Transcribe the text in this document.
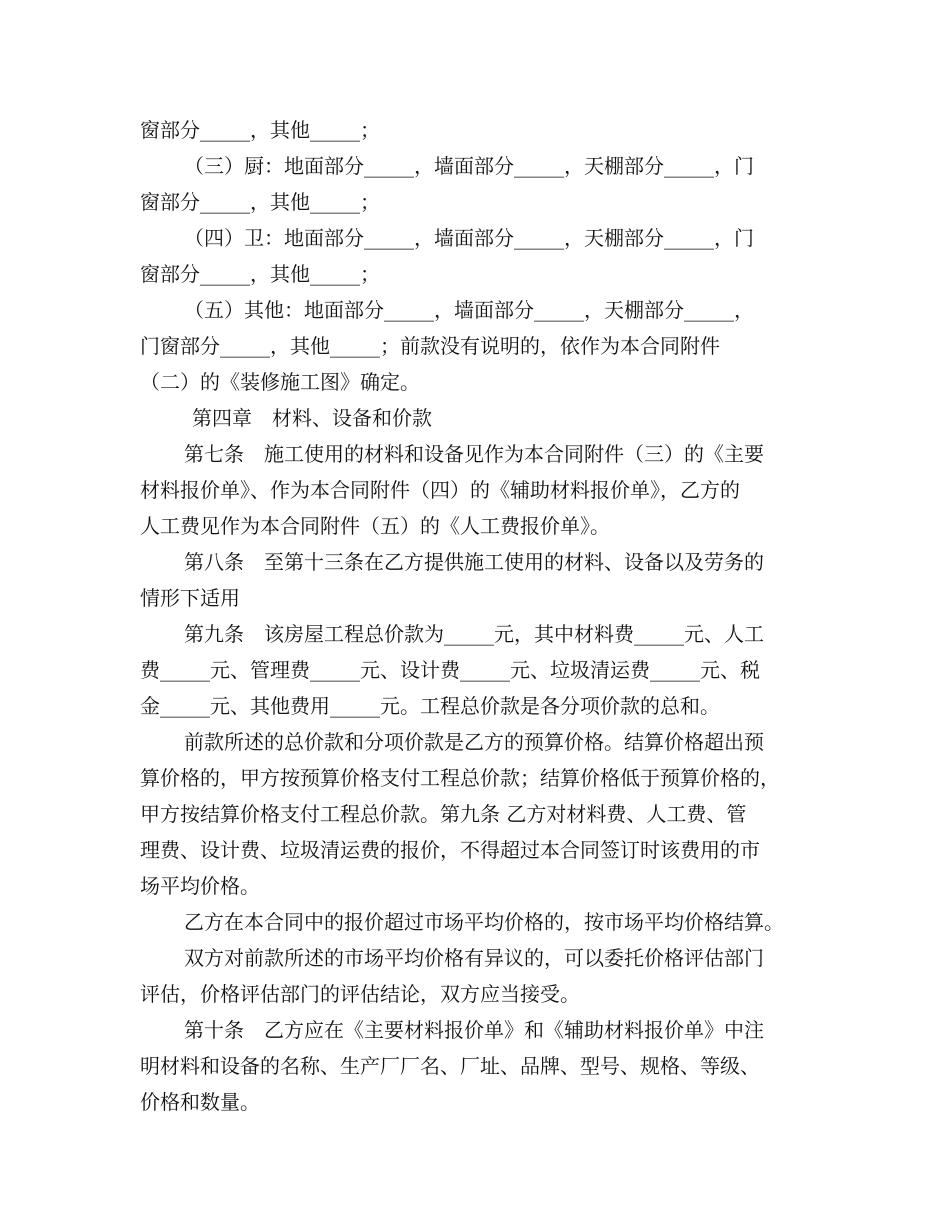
窗部分_____，其他_____；
（三）厨：地面部分_____，墙面部分_____，天棚部分_____，门
窗部分_____，其他_____；
（四）卫：地面部分_____，墙面部分_____，天棚部分_____，门
窗部分_____，其他_____；
（五）其他：地面部分_____，墙面部分_____，天棚部分_____，
门窗部分_____，其他_____；前款没有说明的，依作为本合同附件
（二）的《装修施工图》确定。
第四章　材料、设备和价款
第七条　施工使用的材料和设备见作为本合同附件（三）的《主要
材料报价单》、作为本合同附件（四）的《辅助材料报价单》，乙方的
人工费见作为本合同附件（五）的《人工费报价单》。
第八条　至第十三条在乙方提供施工使用的材料、设备以及劳务的
情形下适用
第九条　该房屋工程总价款为_____元，其中材料费_____元、人工
费_____元、管理费_____元、设计费_____元、垃圾清运费_____元、税
金_____元、其他费用_____元。工程总价款是各分项价款的总和。
前款所述的总价款和分项价款是乙方的预算价格。结算价格超出预
算价格的，甲方按预算价格支付工程总价款；结算价格低于预算价格的，
甲方按结算价格支付工程总价款。第九条 乙方对材料费、人工费、管
理费、设计费、垃圾清运费的报价，不得超过本合同签订时该费用的市
场平均价格。
乙方在本合同中的报价超过市场平均价格的，按市场平均价格结算。
双方对前款所述的市场平均价格有异议的，可以委托价格评估部门
评估，价格评估部门的评估结论，双方应当接受。
第十条　乙方应在《主要材料报价单》和《辅助材料报价单》中注
明材料和设备的名称、生产厂厂名、厂址、品牌、型号、规格、等级、
价格和数量。
